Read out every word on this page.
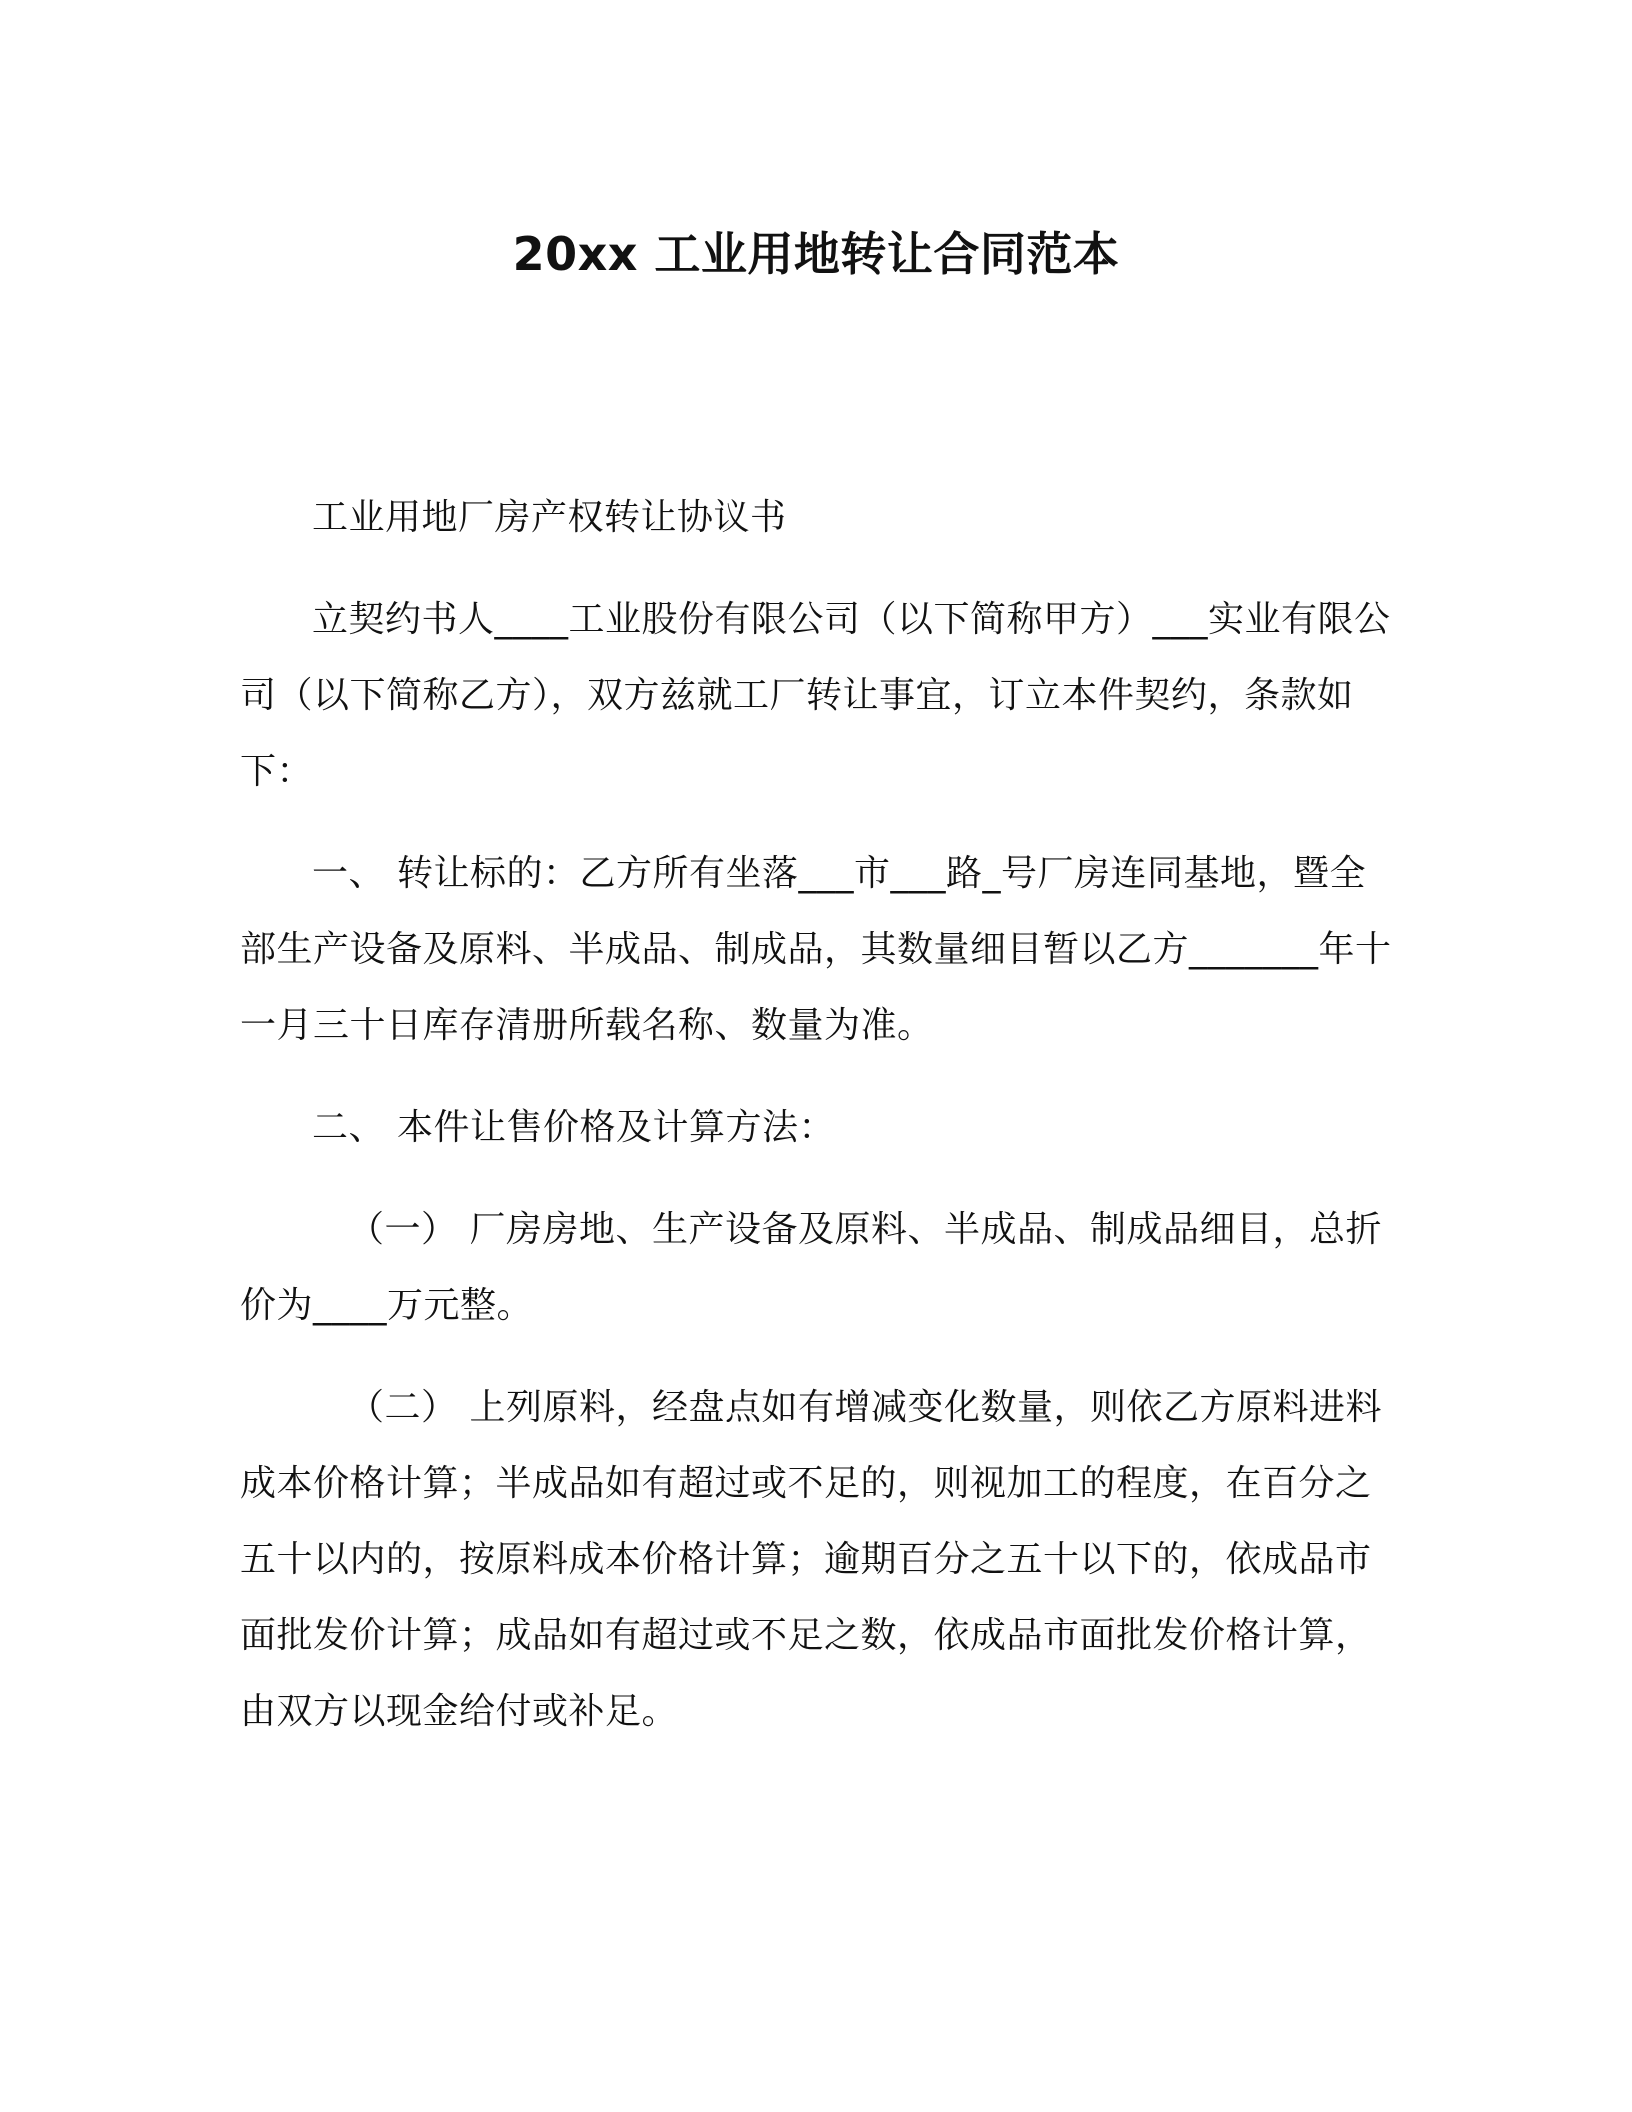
20xx 工业用地转让合同范本

工业用地厂房产权转让协议书

立契约书人____工业股份有限公司（以下简称甲方）___实业有限公司（以下简称乙方），双方兹就工厂转让事宜，订立本件契约，条款如下：

一、 转让标的：乙方所有坐落___市___路_号厂房连同基地，暨全部生产设备及原料、半成品、制成品，其数量细目暂以乙方_______年十一月三十日库存清册所载名称、数量为准。

二、 本件让售价格及计算方法：

（一） 厂房房地、生产设备及原料、半成品、制成品细目，总折价为____万元整。

（二） 上列原料，经盘点如有增减变化数量，则依乙方原料进料成本价格计算；半成品如有超过或不足的，则视加工的程度，在百分之五十以内的，按原料成本价格计算；逾期百分之五十以下的，依成品市面批发价计算；成品如有超过或不足之数，依成品市面批发价格计算，由双方以现金给付或补足。
